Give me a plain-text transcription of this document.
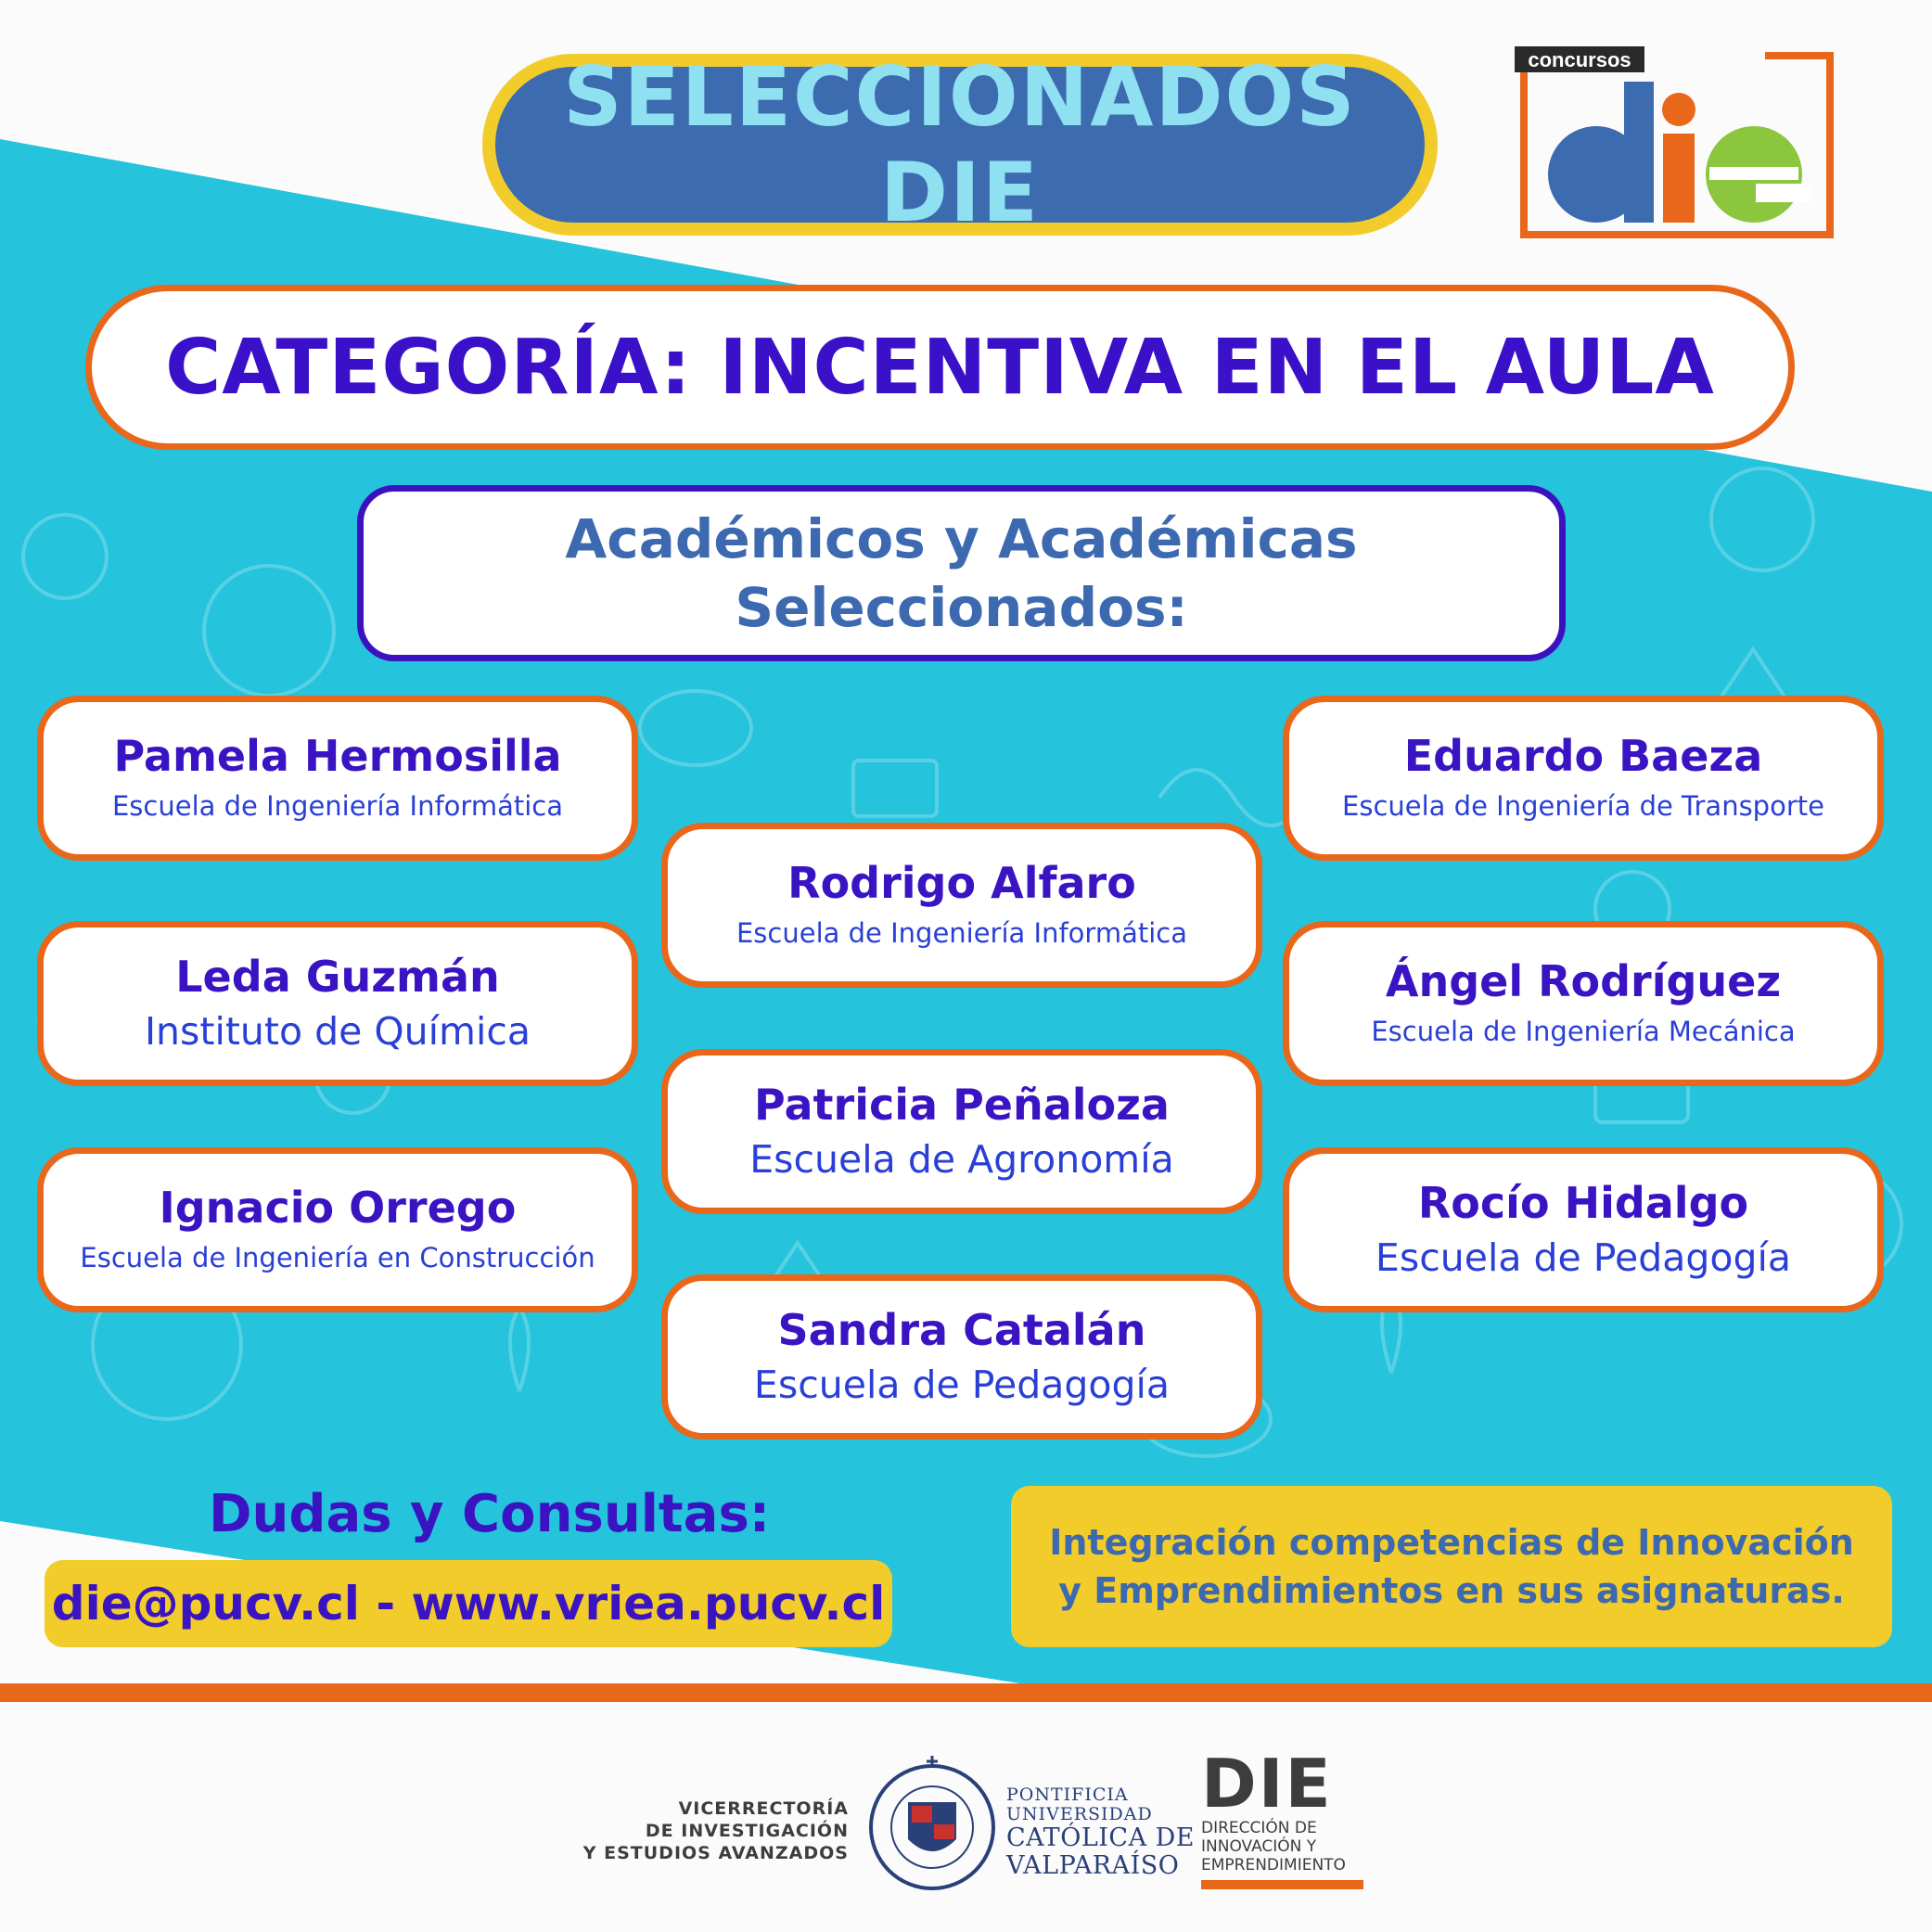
concursos
SELECCIONADOS DIE
CATEGORÍA: INCENTIVA EN EL AULA
Académicos y Académicas
Seleccionados:
Pamela Hermosilla
Escuela de Ingeniería Informática
Leda Guzmán
Instituto de Química
Ignacio Orrego
Escuela de Ingeniería en Construcción
Rodrigo Alfaro
Escuela de Ingeniería Informática
Patricia Peñaloza
Escuela de Agronomía
Sandra Catalán
Escuela de Pedagogía
Eduardo Baeza
Escuela de Ingeniería de Transporte
Ángel Rodríguez
Escuela de Ingeniería Mecánica
Rocío Hidalgo
Escuela de Pedagogía
Dudas y Consultas:
die@pucv.cl - www.vriea.pucv.cl
Integración competencias de Innovación
y Emprendimientos en sus asignaturas.
VICERRECTORÍA
DE INVESTIGACIÓN
Y ESTUDIOS AVANZADOS
PONTIFICIA
UNIVERSIDAD
CATÓLICA DE
VALPARAÍSO
DIE
DIRECCIÓN DE
INNOVACIÓN Y
EMPRENDIMIENTO
